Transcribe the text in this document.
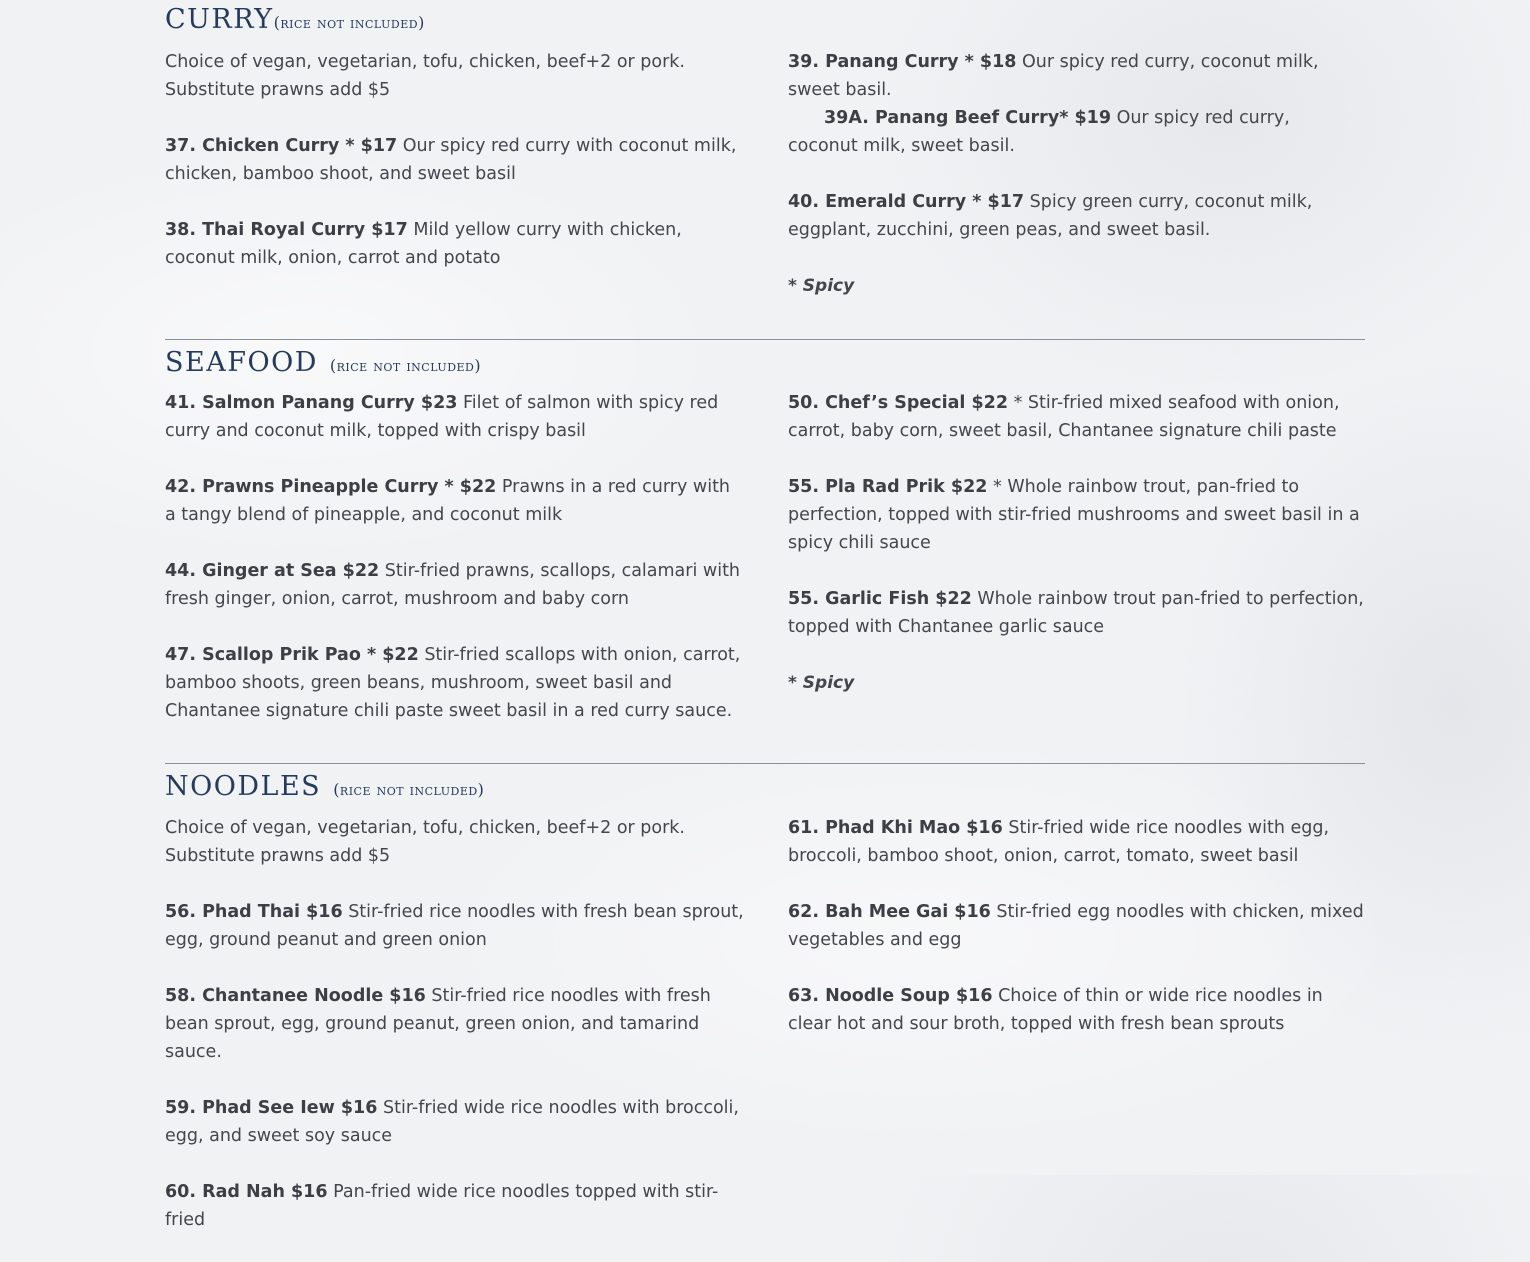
CURRY(rice not included)
Choice of vegan, vegetarian, tofu, chicken, beef+2 or pork.
Substitute prawns add $5
37. Chicken Curry * $17 Our spicy red curry with coconut milk, chicken, bamboo shoot, and sweet basil
38. Thai Royal Curry $17 Mild yellow curry with chicken, coconut milk, onion, carrot and potato
39. Panang Curry * $18 Our spicy red curry, coconut milk, sweet basil.
39A. Panang Beef Curry* $19 Our spicy red curry, coconut milk, sweet basil.
40. Emerald Curry * $17 Spicy green curry, coconut milk, eggplant, zucchini, green peas, and sweet basil.
* Spicy
SEAFOOD (rice not included)
41. Salmon Panang Curry $23 Filet of salmon with spicy red curry and coconut milk, topped with crispy basil
42. Prawns Pineapple Curry * $22 Prawns in a red curry with a tangy blend of pineapple, and coconut milk
44. Ginger at Sea $22 Stir-fried prawns, scallops, calamari with fresh ginger, onion, carrot, mushroom and baby corn
47. Scallop Prik Pao * $22 Stir-fried scallops with onion, carrot, bamboo shoots, green beans, mushroom, sweet basil and Chantanee signature chili paste sweet basil in a red curry sauce.
50. Chef’s Special $22 * Stir-fried mixed seafood with onion, carrot, baby corn, sweet basil, Chantanee signature chili paste
55. Pla Rad Prik $22 * Whole rainbow trout, pan-fried to perfection, topped with stir-fried mushrooms and sweet basil in a spicy chili sauce
55. Garlic Fish $22 Whole rainbow trout pan-fried to perfection, topped with Chantanee garlic sauce
* Spicy
NOODLES (rice not included)
Choice of vegan, vegetarian, tofu, chicken, beef+2 or pork.
Substitute prawns add $5
56. Phad Thai $16 Stir-fried rice noodles with fresh bean sprout, egg, ground peanut and green onion
58. Chantanee Noodle $16 Stir-fried rice noodles with fresh bean sprout, egg, ground peanut, green onion, and tamarind sauce.
59. Phad See Iew $16 Stir-fried wide rice noodles with broccoli, egg, and sweet soy sauce
60. Rad Nah $16 Pan-fried wide rice noodles topped with stir-fried
61. Phad Khi Mao $16 Stir-fried wide rice noodles with egg, broccoli, bamboo shoot, onion, carrot, tomato, sweet basil
62. Bah Mee Gai $16 Stir-fried egg noodles with chicken, mixed vegetables and egg
63. Noodle Soup $16 Choice of thin or wide rice noodles in clear hot and sour broth, topped with fresh bean sprouts
